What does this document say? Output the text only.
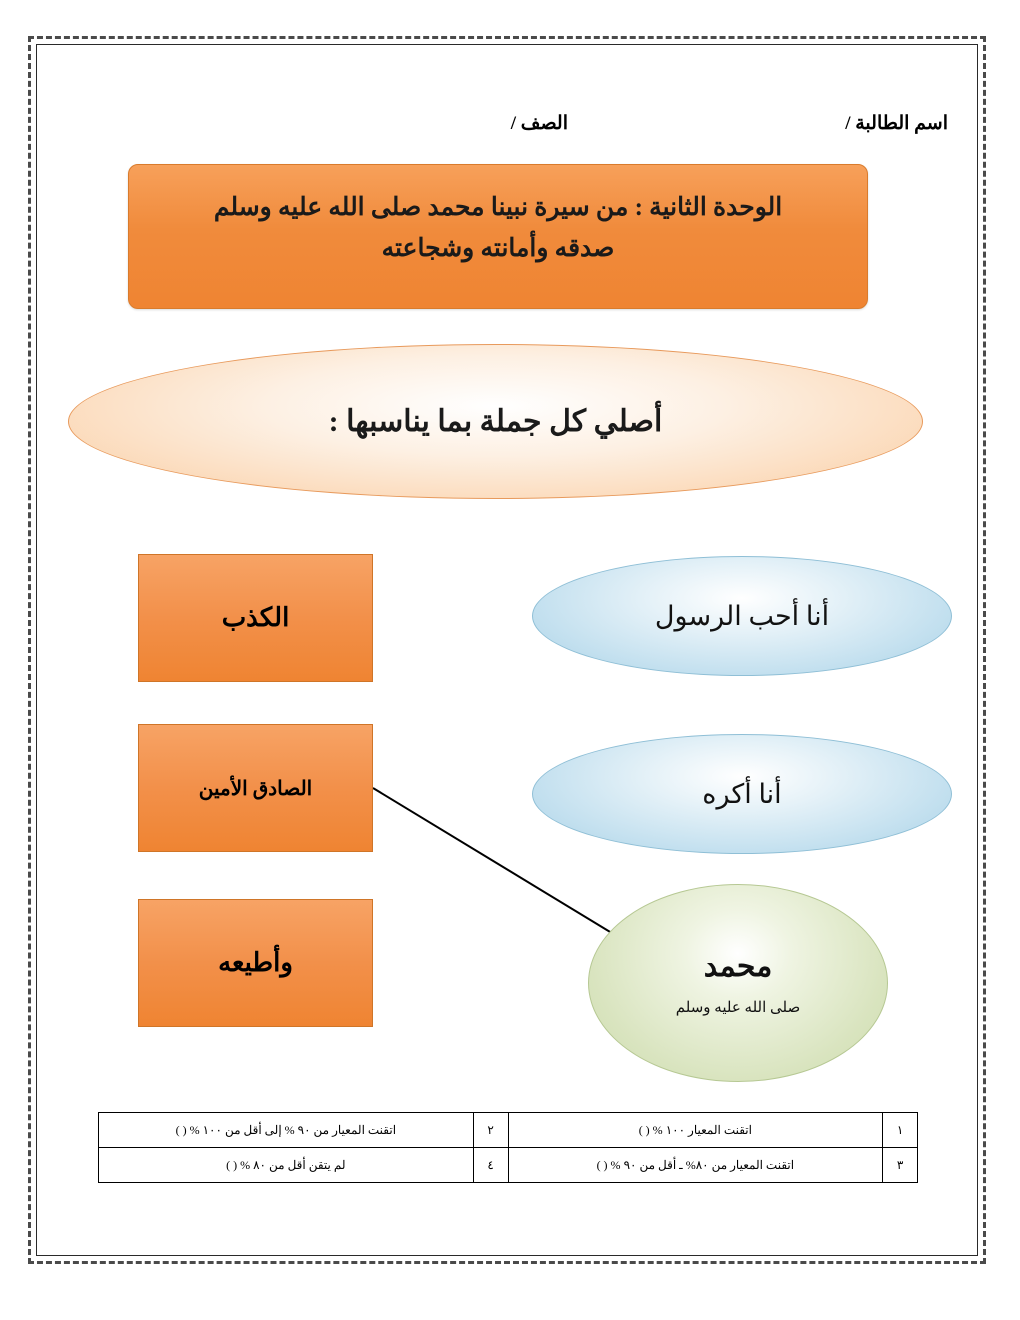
اسم الطالبة /
الصف /
الوحدة الثانية : من سيرة نبينا محمد صلى الله عليه وسلم
صدقه وأمانته وشجاعته
أصلي كل جملة بما يناسبها :
الكذب
الصادق الأمين
وأطيعه
أنا أحب الرسول
أنا أكره
محمد
صلى الله عليه وسلم
١	اتقنت المعيار ١٠٠ % ( )	٢	اتقنت المعيار من ٩٠ % إلى أقل من ١٠٠ % ( )
٣	اتقنت المعيار من ٨٠% ـ أقل من ٩٠ % ( )	٤	لم يتقن أقل من ٨٠ % ( )
